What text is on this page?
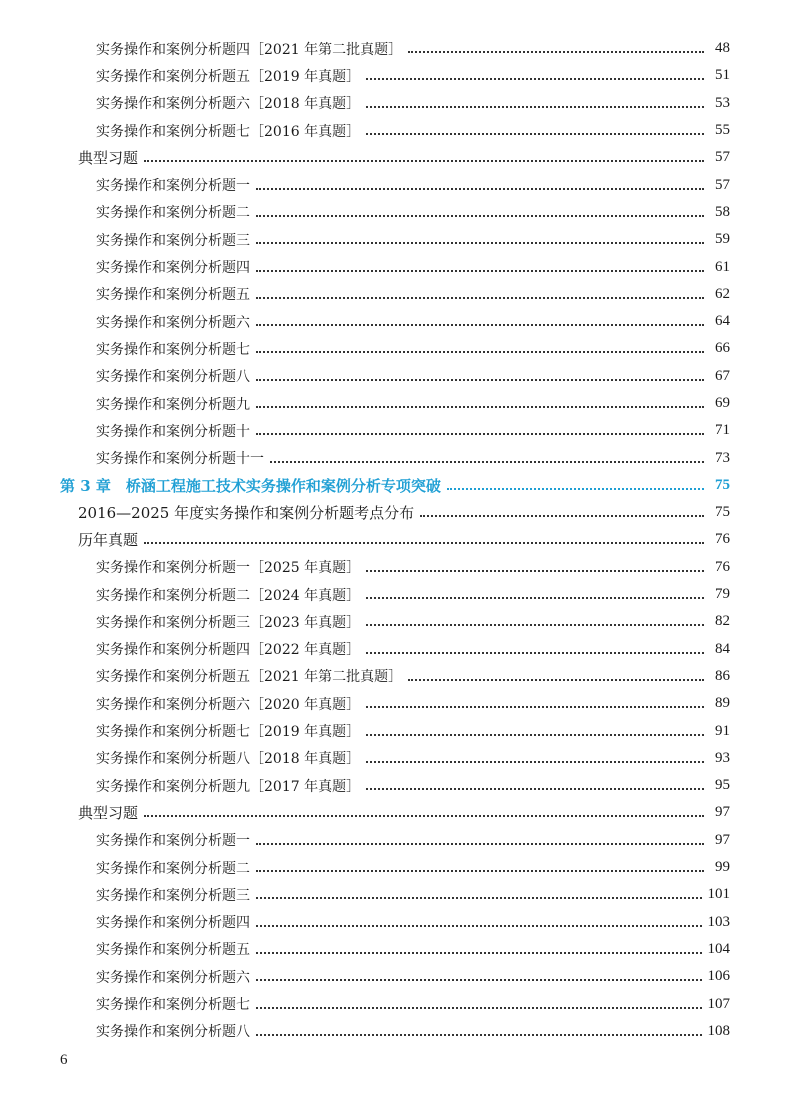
实务操作和案例分析题四［2021 年第二批真题］	48
实务操作和案例分析题五［2019 年真题］	51
实务操作和案例分析题六［2018 年真题］	53
实务操作和案例分析题七［2016 年真题］	55
典型习题	57
实务操作和案例分析题一	57
实务操作和案例分析题二	58
实务操作和案例分析题三	59
实务操作和案例分析题四	61
实务操作和案例分析题五	62
实务操作和案例分析题六	64
实务操作和案例分析题七	66
实务操作和案例分析题八	67
实务操作和案例分析题九	69
实务操作和案例分析题十	71
实务操作和案例分析题十一	73
第 3 章　桥涵工程施工技术实务操作和案例分析专项突破	75
2016—2025 年度实务操作和案例分析题考点分布	75
历年真题	76
实务操作和案例分析题一［2025 年真题］	76
实务操作和案例分析题二［2024 年真题］	79
实务操作和案例分析题三［2023 年真题］	82
实务操作和案例分析题四［2022 年真题］	84
实务操作和案例分析题五［2021 年第二批真题］	86
实务操作和案例分析题六［2020 年真题］	89
实务操作和案例分析题七［2019 年真题］	91
实务操作和案例分析题八［2018 年真题］	93
实务操作和案例分析题九［2017 年真题］	95
典型习题	97
实务操作和案例分析题一	97
实务操作和案例分析题二	99
实务操作和案例分析题三	101
实务操作和案例分析题四	103
实务操作和案例分析题五	104
实务操作和案例分析题六	106
实务操作和案例分析题七	107
实务操作和案例分析题八	108
6
